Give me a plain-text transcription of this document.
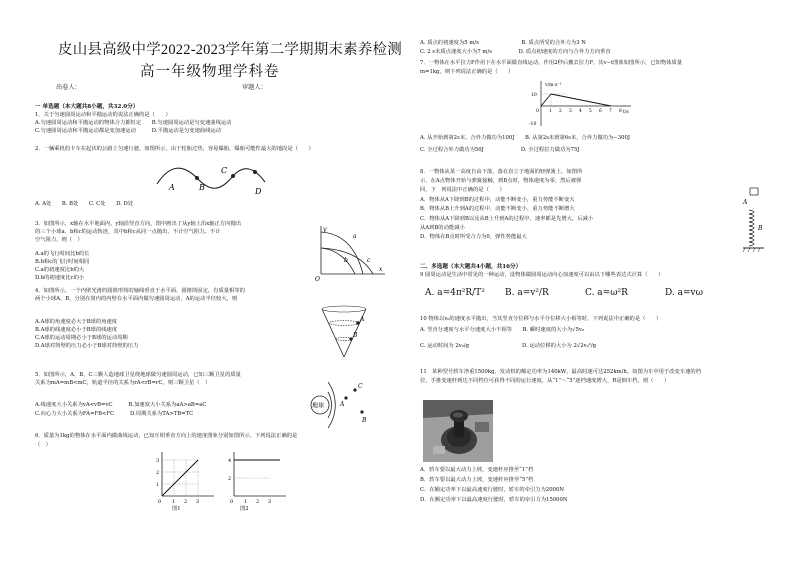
皮山县高级中学2022-2023学年第二学期期末素养检测
高一年级物理学科卷
出卷人：	审题人：
一 单选题（本大题共8小题，共32.0分）
1．关于匀速圆周运动和平抛运动的说法正确的是（　　）
A.匀速圆周运动和平抛运动的物体合力都恒定　　B.匀速圆周运动是匀变速曲线运动
C.匀速圆周运动和平抛运动都是变加速运动　　　D.平抛运动是匀变速曲线运动
2．一辆乘机的卡车在起伏的公路上匀速行驶，如图所示，由于轮胎过热，容易爆胎，爆胎可能性最大的地段是（　　）
A	B
C
D
A. A处　　B. B处　　C. C处　　D. D处
3．如图所示，x轴在水平地面内，y轴沿竖直方向，图中画出了从y轴上沿x轴正方向抛出
的三个小球a、b和c的运动轨迹，其中b和c从同一点抛出，不计空气阻力。不计
空气阻力，则（　）
A.a的飞行时间比b的长
B.b和c的飞行时间相同
C.a的初速度比b的大
D.b的初速度比c的小
y
x
O
a
b	c
4．如图所示，一个内壁光滑的圆锥形筒的轴线垂直于水平面，圆锥筒固定，有质量相等的
两个小球A、B，分别在筒内的内壁在水平面内做匀速圆周运动，A的运动半径较大，则
A.A球的角速度必大于B球的角速度
B.A球的线速度必小于B球的线速度
C.A球的运动周期必小于B球的运动周期
D.A球对筒壁的压力必小于B球对筒壁的压力
A
B
5．如图所示，A、B、C三颗人造地球卫星绕地球做匀速圆周运动，已知三颗卫星的质量
关系为mA=mB<mC，轨道半径的关系为rA<rB=rC，则三颗卫星（　）
A.线速度大小关系为vA<vB=vC　　　B.加速度大小关系为aA>aB=aC
C.向心力大小关系为FA=FB<FC　　　D.周期关系为TA>TB=TC
地球	A
C
B
6．质量为1kg的物体在水平面内做曲线运动，已知互相垂直方向上的速度图象分别如图所示，下列说法正确的是
（　）
3
2
1
0 1 2 3
图1
4
2
0 1 2 3
图2
A. 质点的初速度为5 m/s　　　　　　　　B. 质点所受的合外力为3 N
C. 2 s末质点速度大小为7 m/s　　　　　D. 质点初速度的方向与合外力方向垂直
7．一物体在水平拉力F作用下在水平面做直线运动，作用2秒后撤去拉力F，其v−t图象如图所示，已知物体质量
m=1kg，则下列说法正确的是（　　）
v/m·s⁻¹
t/s
10
0
-10
1 2 3 4 5 6 7 8
A. 从开始到第2s末，合外力做功为100J　　B. 从第2s末到第6s末，合外力做功为−300J
C. 全过程合外力做功为50J　　　　　　　D. 全过程拉力做功为75J
8．一物体从某一高度自由下落，落在直立于地面的轻弹簧上，如图所
示，在A点物体开始与弹簧接触，到B点时，物体速度为零，然后被弹
回，下　列说法中正确的是（　　）
A．物体从A下降到B的过程中，动能不断变小，重力势能不断变大
B．物体从B上升到A的过程中，动能不断变小，重力势能不断增大
C．物体从A下降到B以及从B上升到A的过程中，速率都是先增大，后减小
从A到B的动能减小
D．物体在B点时所受合力为0，弹性势能最大
A
B
二、多选题（本大题共4小题，共16分）
9 圆周运动是生活中常见的一种运动，设物体做圆周运动向心加速度可以由以下哪些表达式计算（　　）
A. a=4π²R/T² B. a=v²/R	C. a=ω²R	D. a=vω
10 物体以v₀的速度水平抛出，当其竖直分位移与水平分位移大小相等时，下列说法中正确的是（　　）
A. 竖直分速度与水平分速度大小不相等　　B. 瞬时速度的大小为√5v₀
C. 运动时间为 2v₀/g　　　　　　　　　　D. 运动位移的大小为 2√2v₀²/g
11　某种型号轿车净重1500kg，发动机的额定功率为140kW，最高时速可达252km/h。如图为车中用于改变车速的档
位，手推变速杆到达不同档位可获得不同的运行速度，从“1”～“5”逐档速度增大，R是倒车档，则（　　）
A．轿车要以最大动力上坡，变速杆应推至“1”档
B．轿车要以最大动力上坡，变速杆应推至“5”档
C．在额定功率下以最高速度行驶时，轿车的牵引力为2000N
D．在额定功率下以最高速度行驶时，轿车的牵引力为15000N
